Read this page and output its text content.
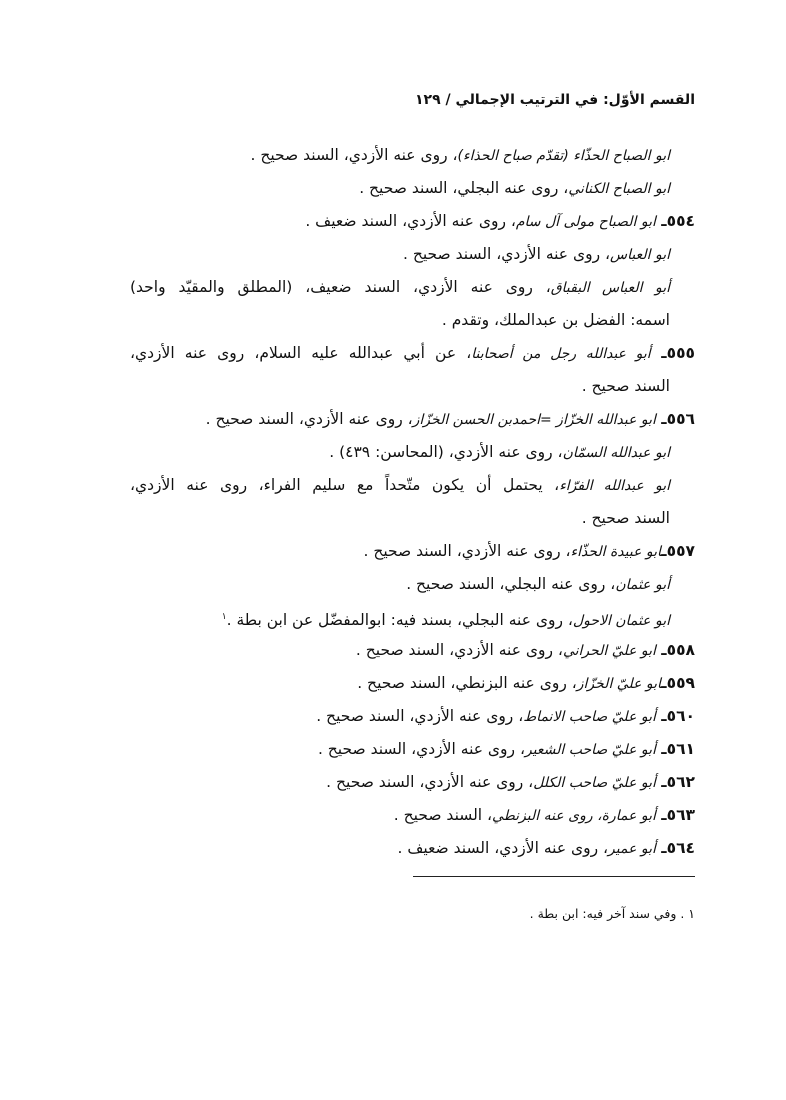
القسم الأوّل: في الترتيب الإجمالي / ١٢٩
ابو الصباح الحذّاء (تقدّم صباح الحذاء)، روى عنه الأزدي، السند صحيح .
ابو الصباح الكناني، روى عنه البجلي، السند صحيح .
٥٥٤ـ ابو الصباح مولى آل سام، روى عنه الأزدي، السند ضعيف .
ابو العباس، روى عنه الأزدي، السند صحيح .
أبو العباس البقباق، روى عنه الأزدي، السند ضعيف، (المطلق والمقيّد واحد)
اسمه: الفضل بن عبدالملك، وتقدم .
٥٥٥ـ أبو عبدالله رجل من أصحابنا، عن أبي عبدالله عليه السلام، روى عنه الأزدي،
السند صحيح .
٥٥٦ـ ابو عبدالله الخزّاز =احمدبن الحسن الخزّاز، روى عنه الأزدي، السند صحيح .
ابو عبدالله السمّان، روى عنه الأزدي، (المحاسن: ٤٣٩) .
ابو عبدالله الفرّاء، يحتمل أن يكون متّحداً مع سليم الفراء، روى عنه الأزدي،
السند صحيح .
٥٥٧ـابو عبيدة الحذّاء، روى عنه الأزدي، السند صحيح .
أبو عثمان، روى عنه البجلي، السند صحيح .
ابو عثمان الاحول، روى عنه البجلي، بسند فيه: ابوالمفضّل عن ابن بطة .$^١$
٥٥٨ـ ابو عليّ الحراني، روى عنه الأزدي، السند صحيح .
٥٥٩ـابو عليّ الخزّاز، روى عنه البزنطي، السند صحيح .
٥٦٠ـ أبو عليّ صاحب الانماط، روى عنه الأزدي، السند صحيح .
٥٦١ـ أبو عليّ صاحب الشعير، روى عنه الأزدي، السند صحيح .
٥٦٢ـ أبو عليّ صاحب الكلل، روى عنه الأزدي، السند صحيح .
٥٦٣ـ أبو عمارة، روى عنه البزنطي، السند صحيح .
٥٦٤ـ أبو عمير، روى عنه الأزدي، السند ضعيف .
١ . وفي سند آخر فيه: ابن بطة .
